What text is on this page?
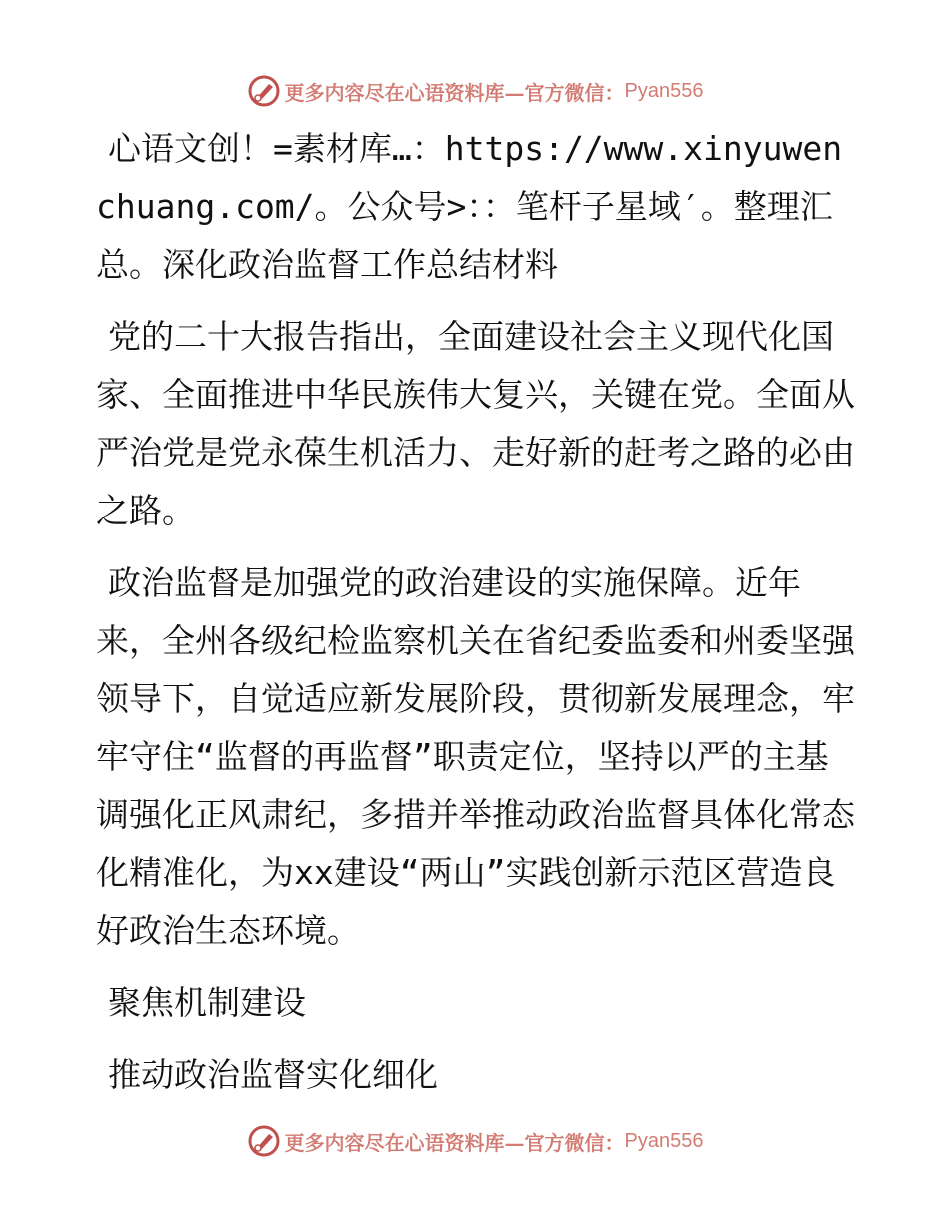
更多内容尽在心语资料库—官方微信： Pyan556

心语文创！=素材库…：https://www.xinyuwenchuang.com/。公众号>：：笔杆子星域′。整理汇总。深化政治监督工作总结材料

党的二十大报告指出，全面建设社会主义现代化国家、全面推进中华民族伟大复兴，关键在党。全面从严治党是党永葆生机活力、走好新的赶考之路的必由之路。

政治监督是加强党的政治建设的实施保障。近年来，全州各级纪检监察机关在省纪委监委和州委坚强领导下，自觉适应新发展阶段，贯彻新发展理念，牢牢守住“监督的再监督”职责定位，坚持以严的主基调强化正风肃纪，多措并举推动政治监督具体化常态化精准化，为xx建设“两山”实践创新示范区营造良好政治生态环境。

聚焦机制建设

推动政治监督实化细化

更多内容尽在心语资料库—官方微信： Pyan556
